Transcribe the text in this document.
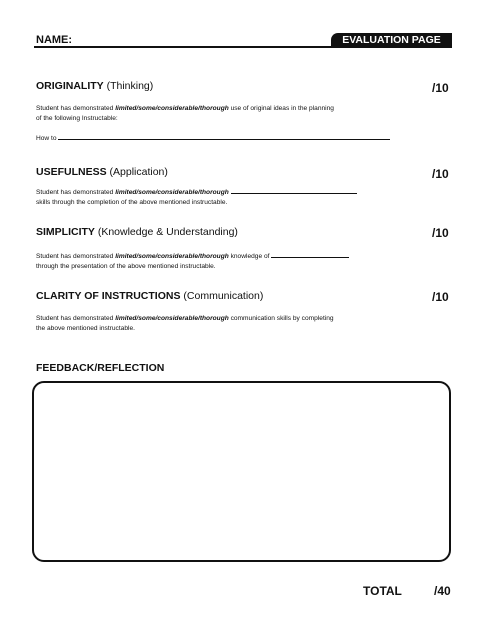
NAME:	EVALUATION PAGE
ORIGINALITY (Thinking)	/10
Student has demonstrated limited/some/considerable/thorough use of original ideas in the planning
of the following Instructable:
How to
USEFULNESS (Application)	/10
Student has demonstrated limited/some/considerable/thorough
skills through the completion of the above mentioned instructable.
SIMPLICITY (Knowledge & Understanding)	/10
Student has demonstrated limited/some/considerable/thorough knowledge of
through the presentation of the above mentioned instructable.
CLARITY OF INSTRUCTIONS (Communication)	/10
Student has demonstrated limited/some/considerable/thorough communication skills by completing
the above mentioned instructable.
FEEDBACK/REFLECTION
TOTAL	/40
